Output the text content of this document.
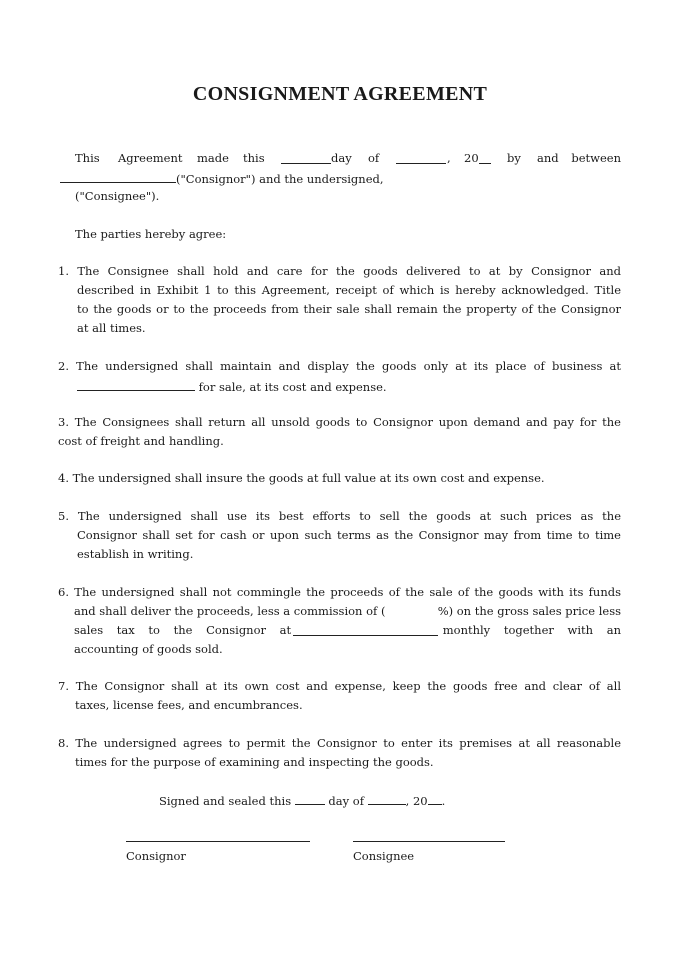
CONSIGNMENT AGREEMENT
This Agreement made this	day of	, 20 by and between
("Consignor") and the undersigned,
("Consignee").
The parties hereby agree:
1. The Consignee shall hold and care for the goods delivered to at by Consignor and
described in Exhibit 1 to this Agreement, receipt of which is hereby acknowledged. Title
to the goods or to the proceeds from their sale shall remain the property of the Consignor
at all times.
2. The undersigned shall maintain and display the goods only at its place of business at
for sale, at its cost and expense.
3. The Consignees shall return all unsold goods to Consignor upon demand and pay for the
cost of freight and handling.
4. The undersigned shall insure the goods at full value at its own cost and expense.
5. The undersigned shall use its best efforts to sell the goods at such prices as the
Consignor shall set for cash or upon such terms as the Consignor may from time to time
establish in writing.
6. The undersigned shall not commingle the proceeds of the sale of the goods with its funds
and shall deliver the proceeds, less a commission of (	%) on the gross sales price less
sales tax to the Consignor at	monthly together with an
accounting of goods sold.
7. The Consignor shall at its own cost and expense, keep the goods free and clear of all
taxes, license fees, and encumbrances.
8. The undersigned agrees to permit the Consignor to enter its premises at all reasonable
times for the purpose of examining and inspecting the goods.
Signed and sealed this	day of	, 20 .
Consignor	Consignee
